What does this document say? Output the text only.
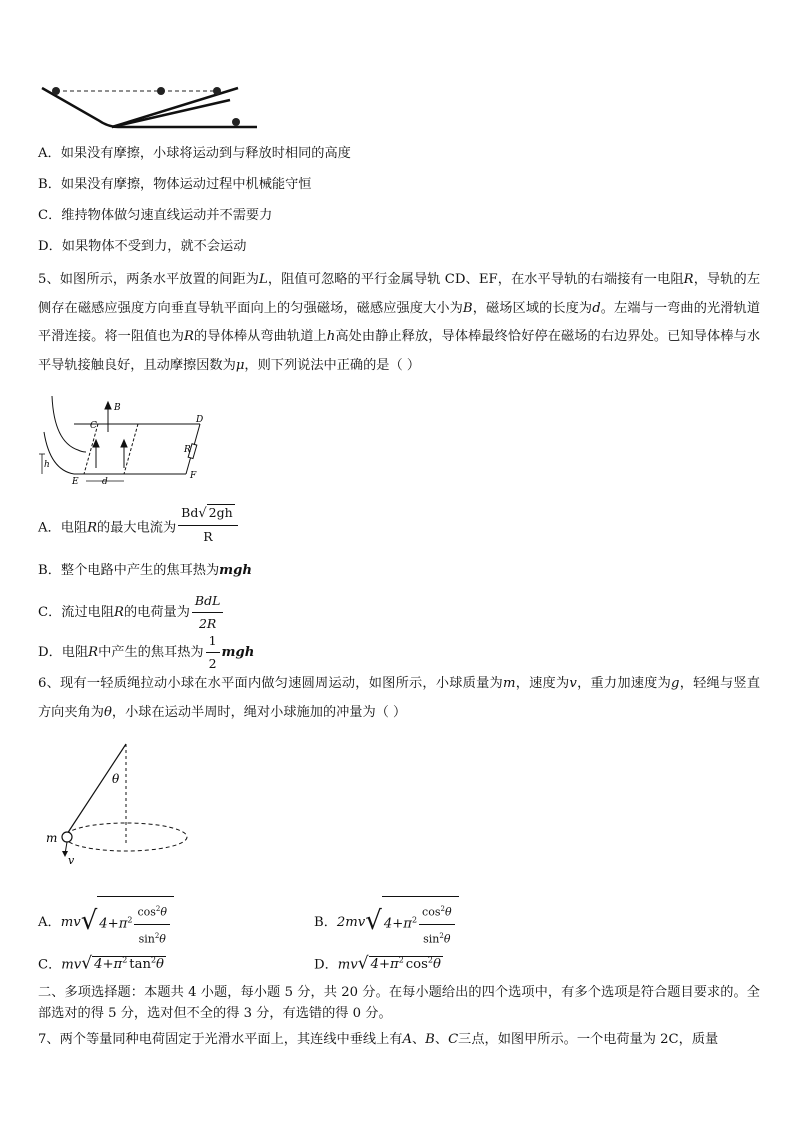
A．如果没有摩擦，小球将运动到与释放时相同的高度
B．如果没有摩擦，物体运动过程中机械能守恒
C．维持物体做匀速直线运动并不需要力
D．如果物体不受到力，就不会运动
5、如图所示，两条水平放置的间距为L，阻值可忽略的平行金属导轨 CD、EF，在水平导轨的右端接有一电阻R，导轨的左侧存在磁感应强度方向垂直导轨平面向上的匀强磁场，磁感应强度大小为B，磁场区域的长度为d。左端与一弯曲的光滑轨道平滑连接。将一阻值也为R的导体棒从弯曲轨道上h高处由静止释放，导体棒最终恰好停在磁场的右边界处。已知导体棒与水平导轨接触良好，且动摩擦因数为μ，则下列说法中正确的是（ ）
C
B
D
R
h
E	d
F
A．电阻R的最大电流为 $\frac{Bd√ 2gh}{R}$
B．整个电路中产生的焦耳热为mgh
C．流过电阻R的电荷量为 $\frac{\text{BdL}}{2R}$
D．电阻R中产生的焦耳热为 $\frac{1}{2}$ mgh
6、现有一轻质绳拉动小球在水平面内做匀速圆周运动，如图所示，小球质量为m，速度为v，重力加速度为g，轻绳与竖直方向夹角为θ，小球在运动半周时，绳对小球施加的冲量为（ ）
θ
m
v
A．mv√ $4+\pi^2 \frac{\cos^2\theta}{\sin^2\theta}$	B．2mv√ $4+\pi^2 \frac{\cos^2\theta}{\sin^2\theta}$
C．mv√ $4+\pi^2$ $\tan^2\theta$	D．mv√ $4+\pi^2$ $\cos^2\theta$
二、多项选择题：本题共 4 小题，每小题 5 分，共 20 分。在每小题给出的四个选项中，有多个选项是符合题目要求的。全部选对的得 5 分，选对但不全的得 3 分，有选错的得 0 分。
7、两个等量同种电荷固定于光滑水平面上，其连线中垂线上有A、B、C三点，如图甲所示。一个电荷量为 2C，质量
